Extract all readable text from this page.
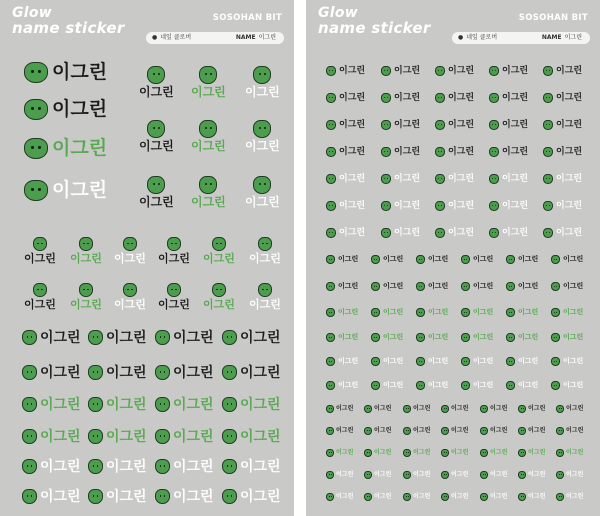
Glow
name sticker
SOSOHAN BIT
● 네잎 클로버	NAME 이그린
이그린
이그린
이그린
이그린
이그린 이그린 이그린
이그린 이그린 이그린
이그린 이그린 이그린
이그린 이그린 이그린 이그린 이그린 이그린
이그린 이그린 이그린 이그린 이그린 이그린
이그린 이그린 이그린 이그린
이그린 이그린 이그린 이그린
이그린 이그린 이그린 이그린
이그린 이그린 이그린 이그린
이그린 이그린 이그린 이그린
이그린 이그린 이그린 이그린
Glow
name sticker
SOSOHAN BIT
● 네잎 클로버	NAME 이그린
이그린	이그린	이그린	이그린	이그린
이그린	이그린	이그린	이그린	이그린
이그린	이그린	이그린	이그린	이그린
이그린	이그린	이그린	이그린	이그린
이그린	이그린	이그린	이그린	이그린
이그린	이그린	이그린	이그린	이그린
이그린	이그린	이그린	이그린	이그린
이그린	이그린	이그린	이그린	이그린	이그린
이그린	이그린	이그린	이그린	이그린	이그린
이그린	이그린	이그린	이그린	이그린	이그린
이그린	이그린	이그린	이그린	이그린	이그린
이그린	이그린	이그린	이그린	이그린	이그린
이그린	이그린	이그린	이그린	이그린	이그린
이그린	이그린	이그린	이그린	이그린	이그린	이그린
이그린	이그린	이그린	이그린	이그린	이그린	이그린
이그린	이그린	이그린	이그린	이그린	이그린	이그린
이그린	이그린	이그린	이그린	이그린	이그린	이그린
이그린	이그린	이그린	이그린	이그린	이그린	이그린
